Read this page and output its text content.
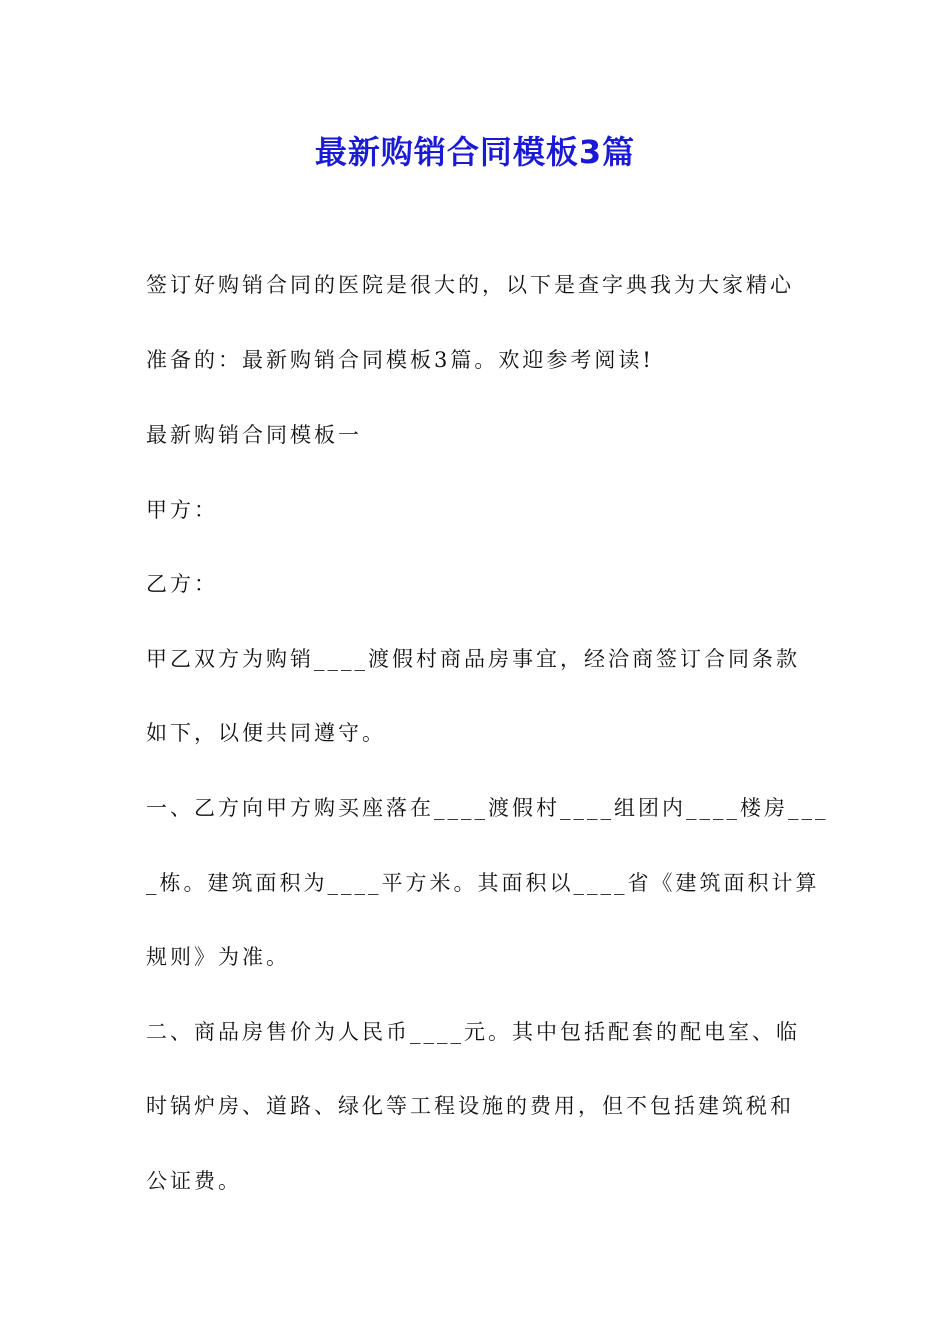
最新购销合同模板3篇
签订好购销合同的医院是很大的，以下是查字典我为大家精心
准备的：最新购销合同模板3篇。欢迎参考阅读!
最新购销合同模板一
甲方：
乙方：
甲乙双方为购销____渡假村商品房事宜，经洽商签订合同条款
如下，以便共同遵守。
一、乙方向甲方购买座落在____渡假村____组团内____楼房___
_栋。建筑面积为____平方米。其面积以____省《建筑面积计算
规则》为准。
二、商品房售价为人民币____元。其中包括配套的配电室、临
时锅炉房、道路、绿化等工程设施的费用，但不包括建筑税和
公证费。
